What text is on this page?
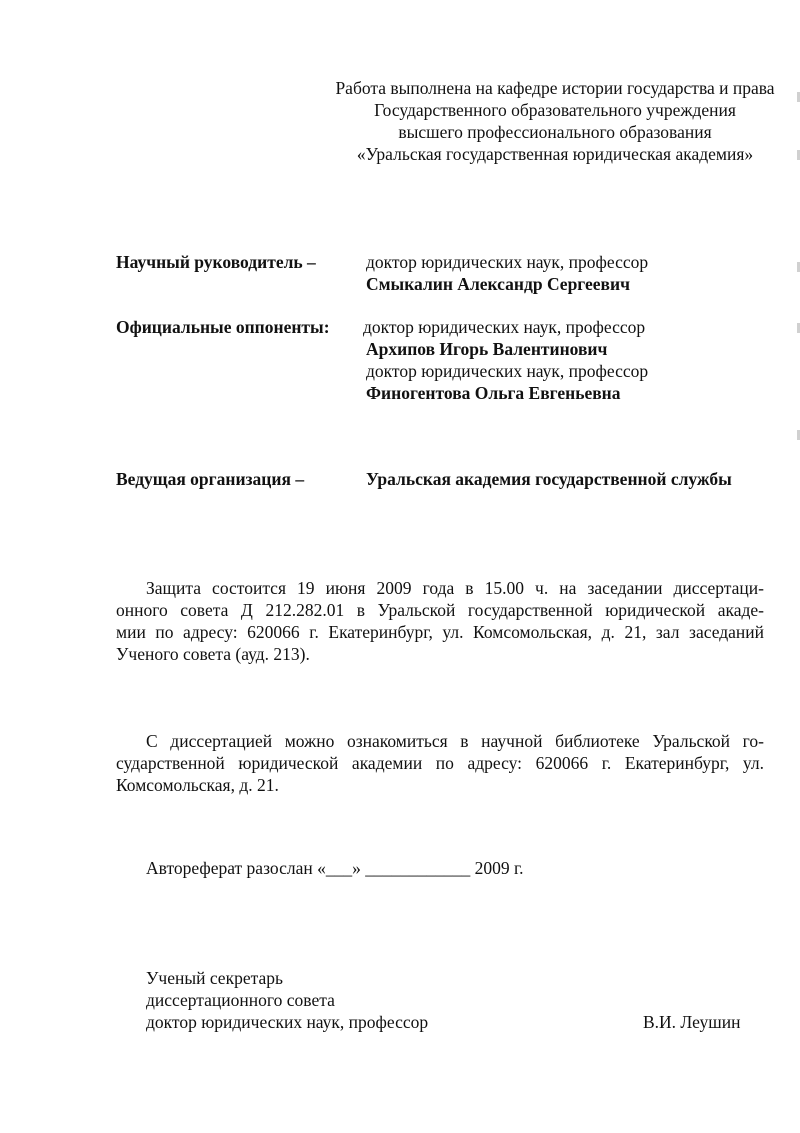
Работа выполнена на кафедре истории государства и права
Государственного образовательного учреждения
высшего профессионального образования
«Уральская государственная юридическая академия»
Научный руководитель –	доктор юридических наук, профессор
Смыкалин Александр Сергеевич
Официальные оппоненты: доктор юридических наук, профессор
Архипов Игорь Валентинович
доктор юридических наук, профессор
Финогентова Ольга Евгеньевна
Ведущая организация –	Уральская академия государственной службы
Защита состоится 19 июня 2009 года в 15.00 ч. на заседании диссертаци-
онного совета Д 212.282.01 в Уральской государственной юридической акаде-
мии по адресу: 620066 г. Екатеринбург, ул. Комсомольская, д. 21, зал заседаний
Ученого совета (ауд. 213).
С диссертацией можно ознакомиться в научной библиотеке Уральской го-
сударственной юридической академии по адресу: 620066 г. Екатеринбург, ул.
Комсомольская, д. 21.
Автореферат разослан «___» ____________ 2009 г.
Ученый секретарь
диссертационного совета
доктор юридических наук, профессор	В.И. Леушин
